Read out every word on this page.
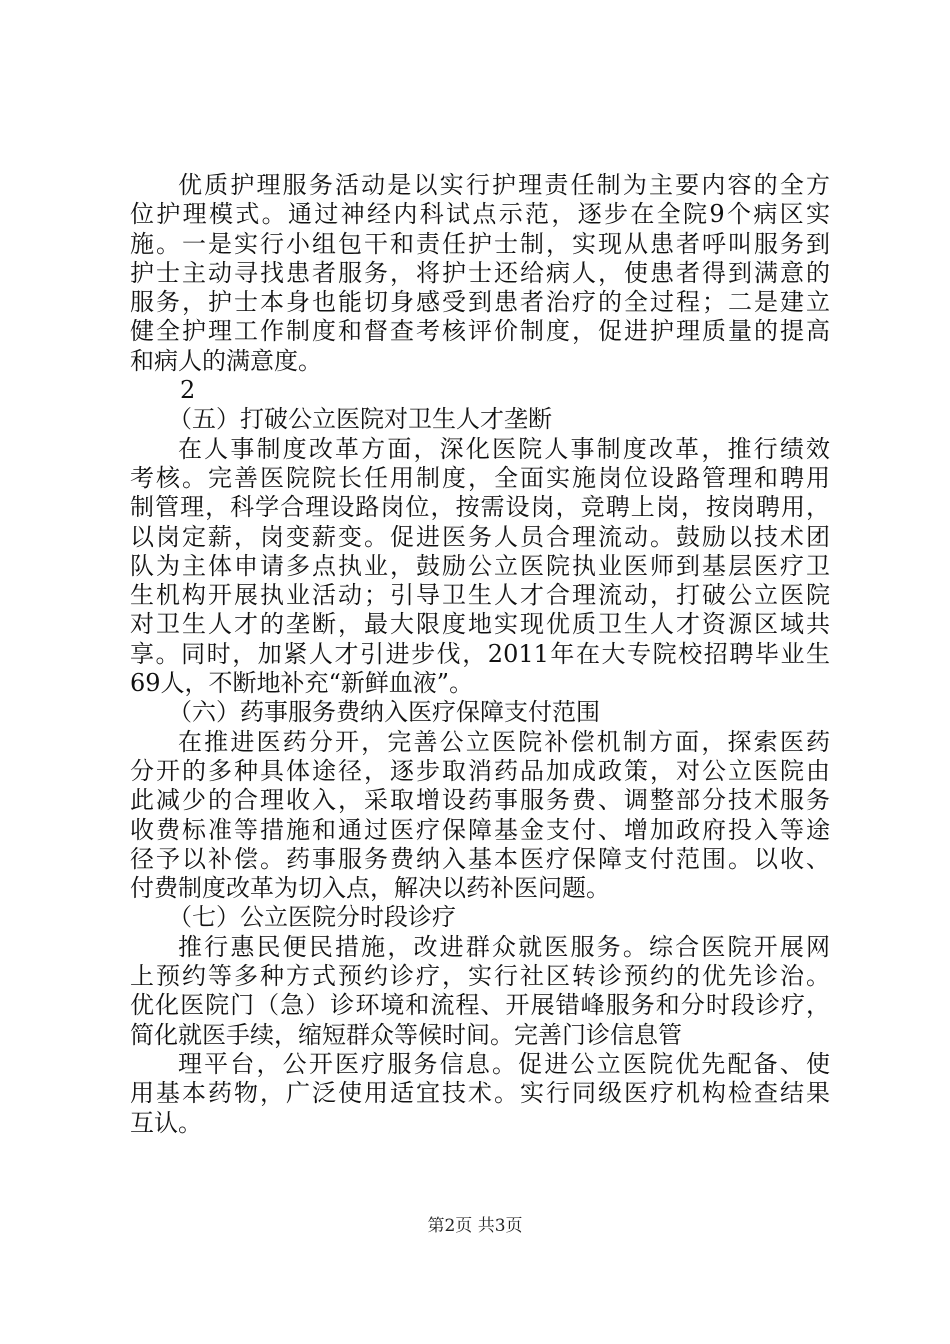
优质护理服务活动是以实行护理责任制为主要内容的全方
位护理模式。通过神经内科试点示范，逐步在全院9个病区实
施。一是实行小组包干和责任护士制，实现从患者呼叫服务到
护士主动寻找患者服务，将护士还给病人，使患者得到满意的
服务，护士本身也能切身感受到患者治疗的全过程；二是建立
健全护理工作制度和督查考核评价制度，促进护理质量的提高
和病人的满意度。
2
（五）打破公立医院对卫生人才垄断
在人事制度改革方面，深化医院人事制度改革，推行绩效
考核。完善医院院长任用制度，全面实施岗位设路管理和聘用
制管理，科学合理设路岗位，按需设岗，竞聘上岗，按岗聘用，
以岗定薪，岗变薪变。促进医务人员合理流动。鼓励以技术团
队为主体申请多点执业，鼓励公立医院执业医师到基层医疗卫
生机构开展执业活动；引导卫生人才合理流动，打破公立医院
对卫生人才的垄断，最大限度地实现优质卫生人才资源区域共
享。同时，加紧人才引进步伐，2011年在大专院校招聘毕业生
69人，不断地补充“新鲜血液”。
（六）药事服务费纳入医疗保障支付范围
在推进医药分开，完善公立医院补偿机制方面，探索医药
分开的多种具体途径，逐步取消药品加成政策，对公立医院由
此减少的合理收入，采取增设药事服务费、调整部分技术服务
收费标准等措施和通过医疗保障基金支付、增加政府投入等途
径予以补偿。药事服务费纳入基本医疗保障支付范围。以收、
付费制度改革为切入点，解决以药补医问题。
（七）公立医院分时段诊疗
推行惠民便民措施，改进群众就医服务。综合医院开展网
上预约等多种方式预约诊疗，实行社区转诊预约的优先诊治。
优化医院门（急）诊环境和流程、开展错峰服务和分时段诊疗，
简化就医手续，缩短群众等候时间。完善门诊信息管
理平台，公开医疗服务信息。促进公立医院优先配备、使
用基本药物，广泛使用适宜技术。实行同级医疗机构检查结果
互认。
第2页 共3页
